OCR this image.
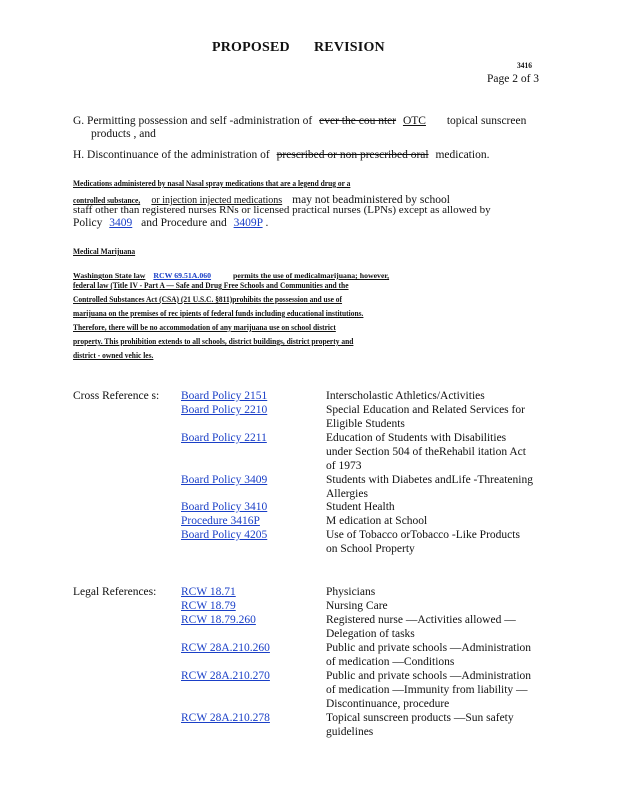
PROPOSED REVISION
3416
Page 2 of 3
G. Permitting possession and self -administration of ever the cou nter OTC topical sunscreen
products , and
H. Discontinuance of the administration of prescribed or non prescribed oral medication.
Medications administered by nasal Nasal spray medications that are a legend drug or a
controlled substance, or injection injected medications may not beadministered by school
staff other than registered nurses RNs or licensed practical nurses (LPNs) except as allowed by
Policy 3409 and Procedure and 3409P .
Medical Marijuana
Washington State law RCW 69.51A.060	permits the use of medicalmarijuana; however,
federal law (Title IV - Part A — Safe and Drug Free Schools and Communities and the
Controlled Substances Act (CSA) (21 U.S.C. §811)prohibits the possession and use of
marijuana on the premises of rec ipients of federal funds including educational institutions.
Therefore, there will be no accommodation of any marijuana use on school district
property. This prohibition extends to all schools, district buildings, district property and
district - owned vehic les.
Cross Reference s: Board Policy 2151	Interscholastic Athletics/Activities
Board Policy 2210	Special Education and Related Services for
Eligible Students
Board Policy 2211	Education of Students with Disabilities
under Section 504 of theRehabil itation Act
of 1973
Board Policy 3409	Students with Diabetes andLife -Threatening
Allergies
Board Policy 3410	Student Health
Procedure 3416P	M edication at School
Board Policy 4205	Use of Tobacco orTobacco -Like Products
on School Property
Legal References: RCW 18.71	Physicians
RCW 18.79	Nursing Care
RCW 18.79.260	Registered nurse —Activities allowed —
Delegation of tasks
RCW 28A.210.260	Public and private schools —Administration
of medication —Conditions
RCW 28A.210.270	Public and private schools —Administration
of medication —Immunity from liability —
Discontinuance, procedure
RCW 28A.210.278	Topical sunscreen products —Sun safety
guidelines
